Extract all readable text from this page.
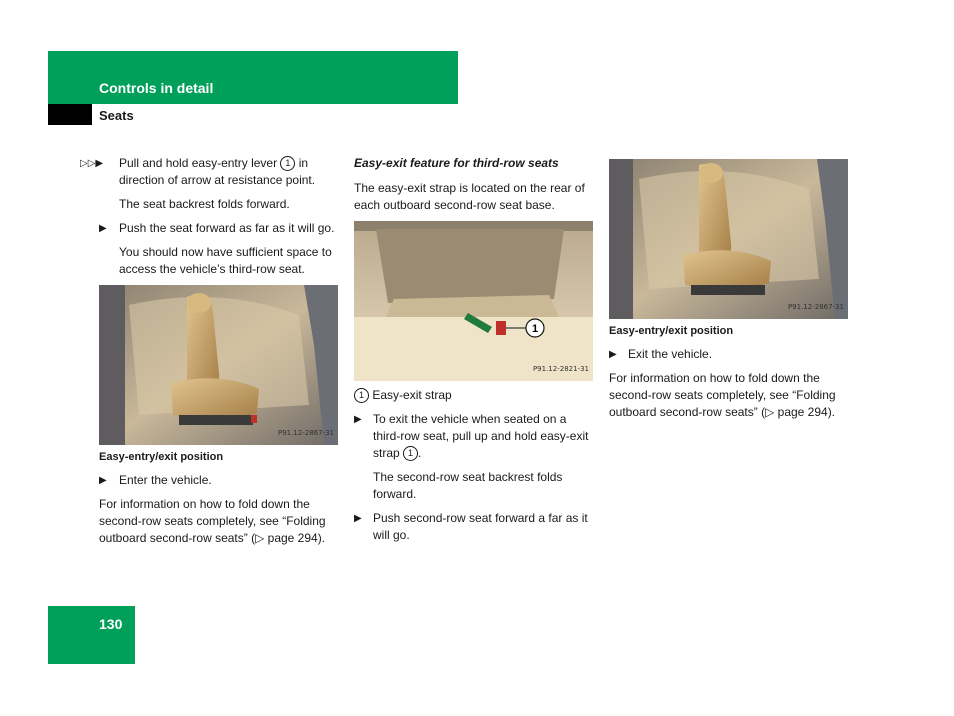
Controls in detail
Seats
▷▷▶	Pull and hold easy-entry lever 1 in direction of arrow at resistance point.
The seat backrest folds forward.
▶	Push the seat forward as far as it will go.
You should now have sufficient space to access the vehicle’s third-row seat.
P91.12-2867-31
Easy-entry/exit position
▶	Enter the vehicle.
For information on how to fold down the second-row seats completely, see “Folding outboard second-row seats” (▷ page 294).
Easy-exit feature for third-row seats
The easy-exit strap is located on the rear of each outboard second-row seat base.
1
P91.12-2821-31
1 Easy-exit strap
▶ To exit the vehicle when seated on a third-row seat, pull up and hold easy-exit strap 1 .
The second-row seat backrest folds forward.
▶ Push second-row seat forward a far as it will go.
P91.12-2867-31
Easy-entry/exit position
▶ Exit the vehicle.
For information on how to fold down the second-row seats completely, see “Folding outboard second-row seats” (▷ page 294).
130
